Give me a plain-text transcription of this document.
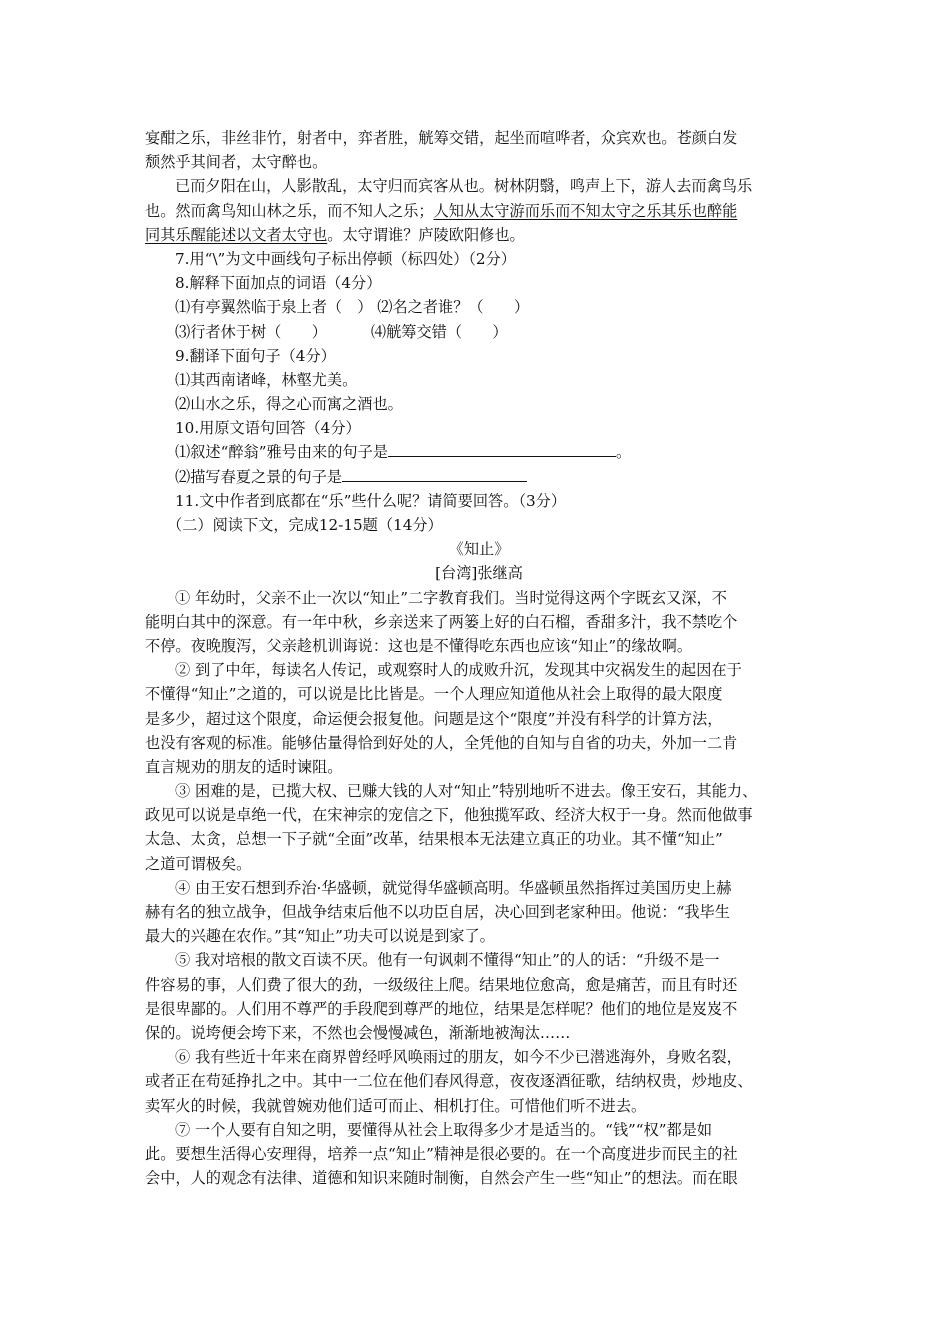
宴酣之乐，非丝非竹，射者中，弈者胜，觥筹交错，起坐而喧哗者，众宾欢也。苍颜白发
颓然乎其间者，太守醉也。
已而夕阳在山，人影散乱，太守归而宾客从也。树林阴翳，鸣声上下，游人去而禽鸟乐
也。然而禽鸟知山林之乐，而不知人之乐；人知从太守游而乐而不知太守之乐其乐也醉能
同其乐醒能述以文者太守也。太守谓谁？庐陵欧阳修也。
7.用“\”为文中画线句子标出停顿（标四处）（2分）
8.解释下面加点的词语（4分）
⑴有亭翼然临于泉上者（　） ⑵名之者谁？（　　）
⑶行者休于树（　　）	⑷觥筹交错（　　）
9.翻译下面句子（4分）
⑴其西南诸峰，林壑尤美。
⑵山水之乐，得之心而寓之酒也。
10.用原文语句回答（4分）
⑴叙述“醉翁”雅号由来的句子是	。
⑵描写春夏之景的句子是
11.文中作者到底都在“乐”些什么呢？请简要回答。（3分）
（二）阅读下文，完成12-15题（14分）
《知止》
[台湾]张继高
① 年幼时，父亲不止一次以“知止”二字教育我们。当时觉得这两个字既玄又深，不
能明白其中的深意。有一年中秋，乡亲送来了两篓上好的白石榴，香甜多汁，我不禁吃个
不停。夜晚腹泻，父亲趁机训诲说：这也是不懂得吃东西也应该“知止”的缘故啊。
② 到了中年，每读名人传记，或观察时人的成败升沉，发现其中灾祸发生的起因在于
不懂得“知止”之道的，可以说是比比皆是。一个人理应知道他从社会上取得的最大限度
是多少，超过这个限度，命运便会报复他。问题是这个“限度”并没有科学的计算方法，
也没有客观的标准。能够估量得恰到好处的人，全凭他的自知与自省的功夫，外加一二肯
直言规劝的朋友的适时谏阻。
③ 困难的是，已揽大权、已赚大钱的人对“知止”特别地听不进去。像王安石，其能力、
政见可以说是卓绝一代，在宋神宗的宠信之下，他独揽军政、经济大权于一身。然而他做事
太急、太贪，总想一下子就“全面”改革，结果根本无法建立真正的功业。其不懂“知止”
之道可谓极矣。
④ 由王安石想到乔治·华盛顿，就觉得华盛顿高明。华盛顿虽然指挥过美国历史上赫
赫有名的独立战争，但战争结束后他不以功臣自居，决心回到老家种田。他说：“我毕生
最大的兴趣在农作。”其“知止”功夫可以说是到家了。
⑤ 我对培根的散文百读不厌。他有一句讽刺不懂得“知止”的人的话：“升级不是一
件容易的事，人们费了很大的劲，一级级往上爬。结果地位愈高，愈是痛苦，而且有时还
是很卑鄙的。人们用不尊严的手段爬到尊严的地位，结果是怎样呢？他们的地位是岌岌不
保的。说垮便会垮下来，不然也会慢慢减色，渐渐地被淘汰……
⑥ 我有些近十年来在商界曾经呼风唤雨过的朋友，如今不少已潜逃海外，身败名裂，
或者正在苟延挣扎之中。其中一二位在他们春风得意，夜夜逐酒征歌，结纳权贵，炒地皮、
卖军火的时候，我就曾婉劝他们适可而止、相机打住。可惜他们听不进去。
⑦ 一个人要有自知之明，要懂得从社会上取得多少才是适当的。“钱”“权”都是如
此。要想生活得心安理得，培养一点“知止”精神是很必要的。在一个高度进步而民主的社
会中，人的观念有法律、道德和知识来随时制衡，自然会产生一些“知止”的想法。而在眼
